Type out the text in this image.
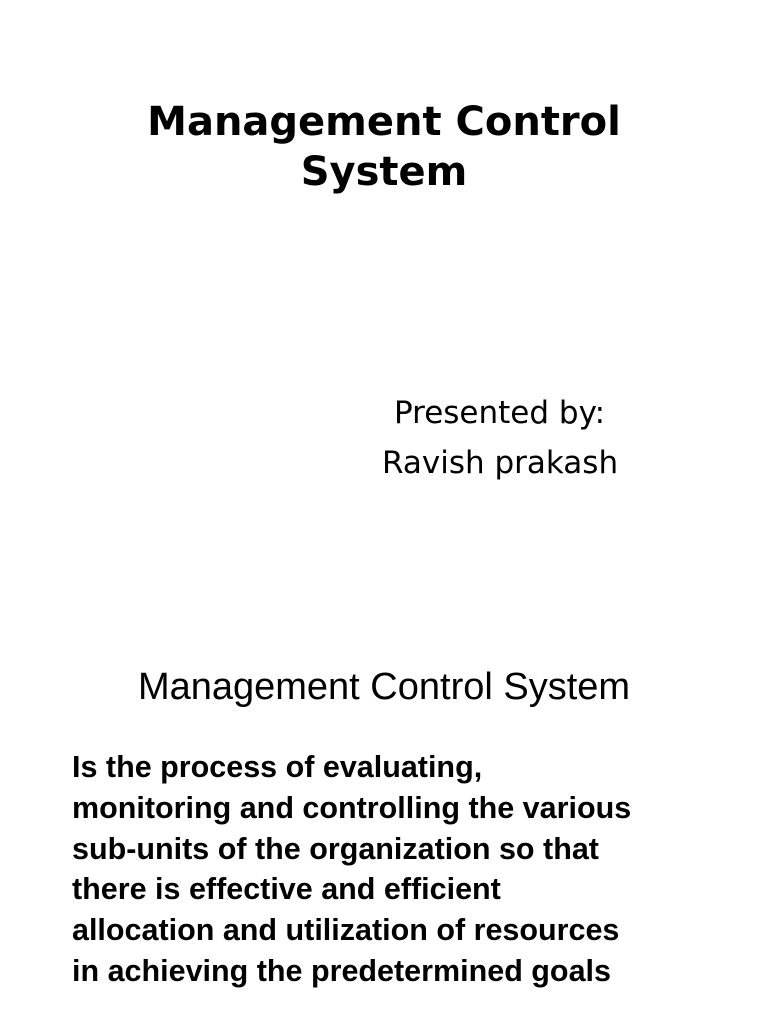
Management Control
System
Presented by:
Ravish prakash
Management Control System
Is the process of evaluating,
monitoring and controlling the various
sub-units of the organization so that
there is effective and efficient
allocation and utilization of resources
in achieving the predetermined goals
